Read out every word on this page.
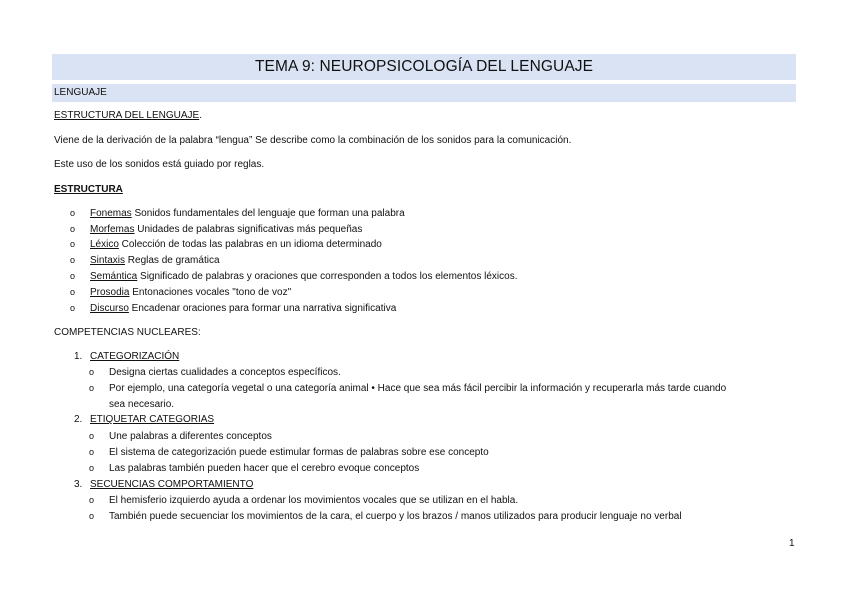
TEMA 9: NEUROPSICOLOGÍA DEL LENGUAJE
LENGUAJE
ESTRUCTURA DEL LENGUAJE.
Viene de la derivación de la palabra “lengua” Se describe como la combinación de los sonidos para la comunicación.
Este uso de los sonidos está guiado por reglas.
ESTRUCTURA
o Fonemas Sonidos fundamentales del lenguaje que forman una palabra
o Morfemas Unidades de palabras significativas más pequeñas
o Léxico Colección de todas las palabras en un idioma determinado
o Sintaxis Reglas de gramática
o Semántica Significado de palabras y oraciones que corresponden a todos los elementos léxicos.
o Prosodia Entonaciones vocales "tono de voz"
o Discurso Encadenar oraciones para formar una narrativa significativa
COMPETENCIAS NUCLEARES:
1. CATEGORIZACIÓN
o Designa ciertas cualidades a conceptos específicos.
o Por ejemplo, una categoría vegetal o una categoría animal • Hace que sea más fácil percibir la información y recuperarla más tarde cuando
sea necesario.
2. ETIQUETAR CATEGORIAS
o Une palabras a diferentes conceptos
o El sistema de categorización puede estimular formas de palabras sobre ese concepto
o Las palabras también pueden hacer que el cerebro evoque conceptos
3. SECUENCIAS COMPORTAMIENTO
o El hemisferio izquierdo ayuda a ordenar los movimientos vocales que se utilizan en el habla.
o También puede secuenciar los movimientos de la cara, el cuerpo y los brazos / manos utilizados para producir lenguaje no verbal
1
